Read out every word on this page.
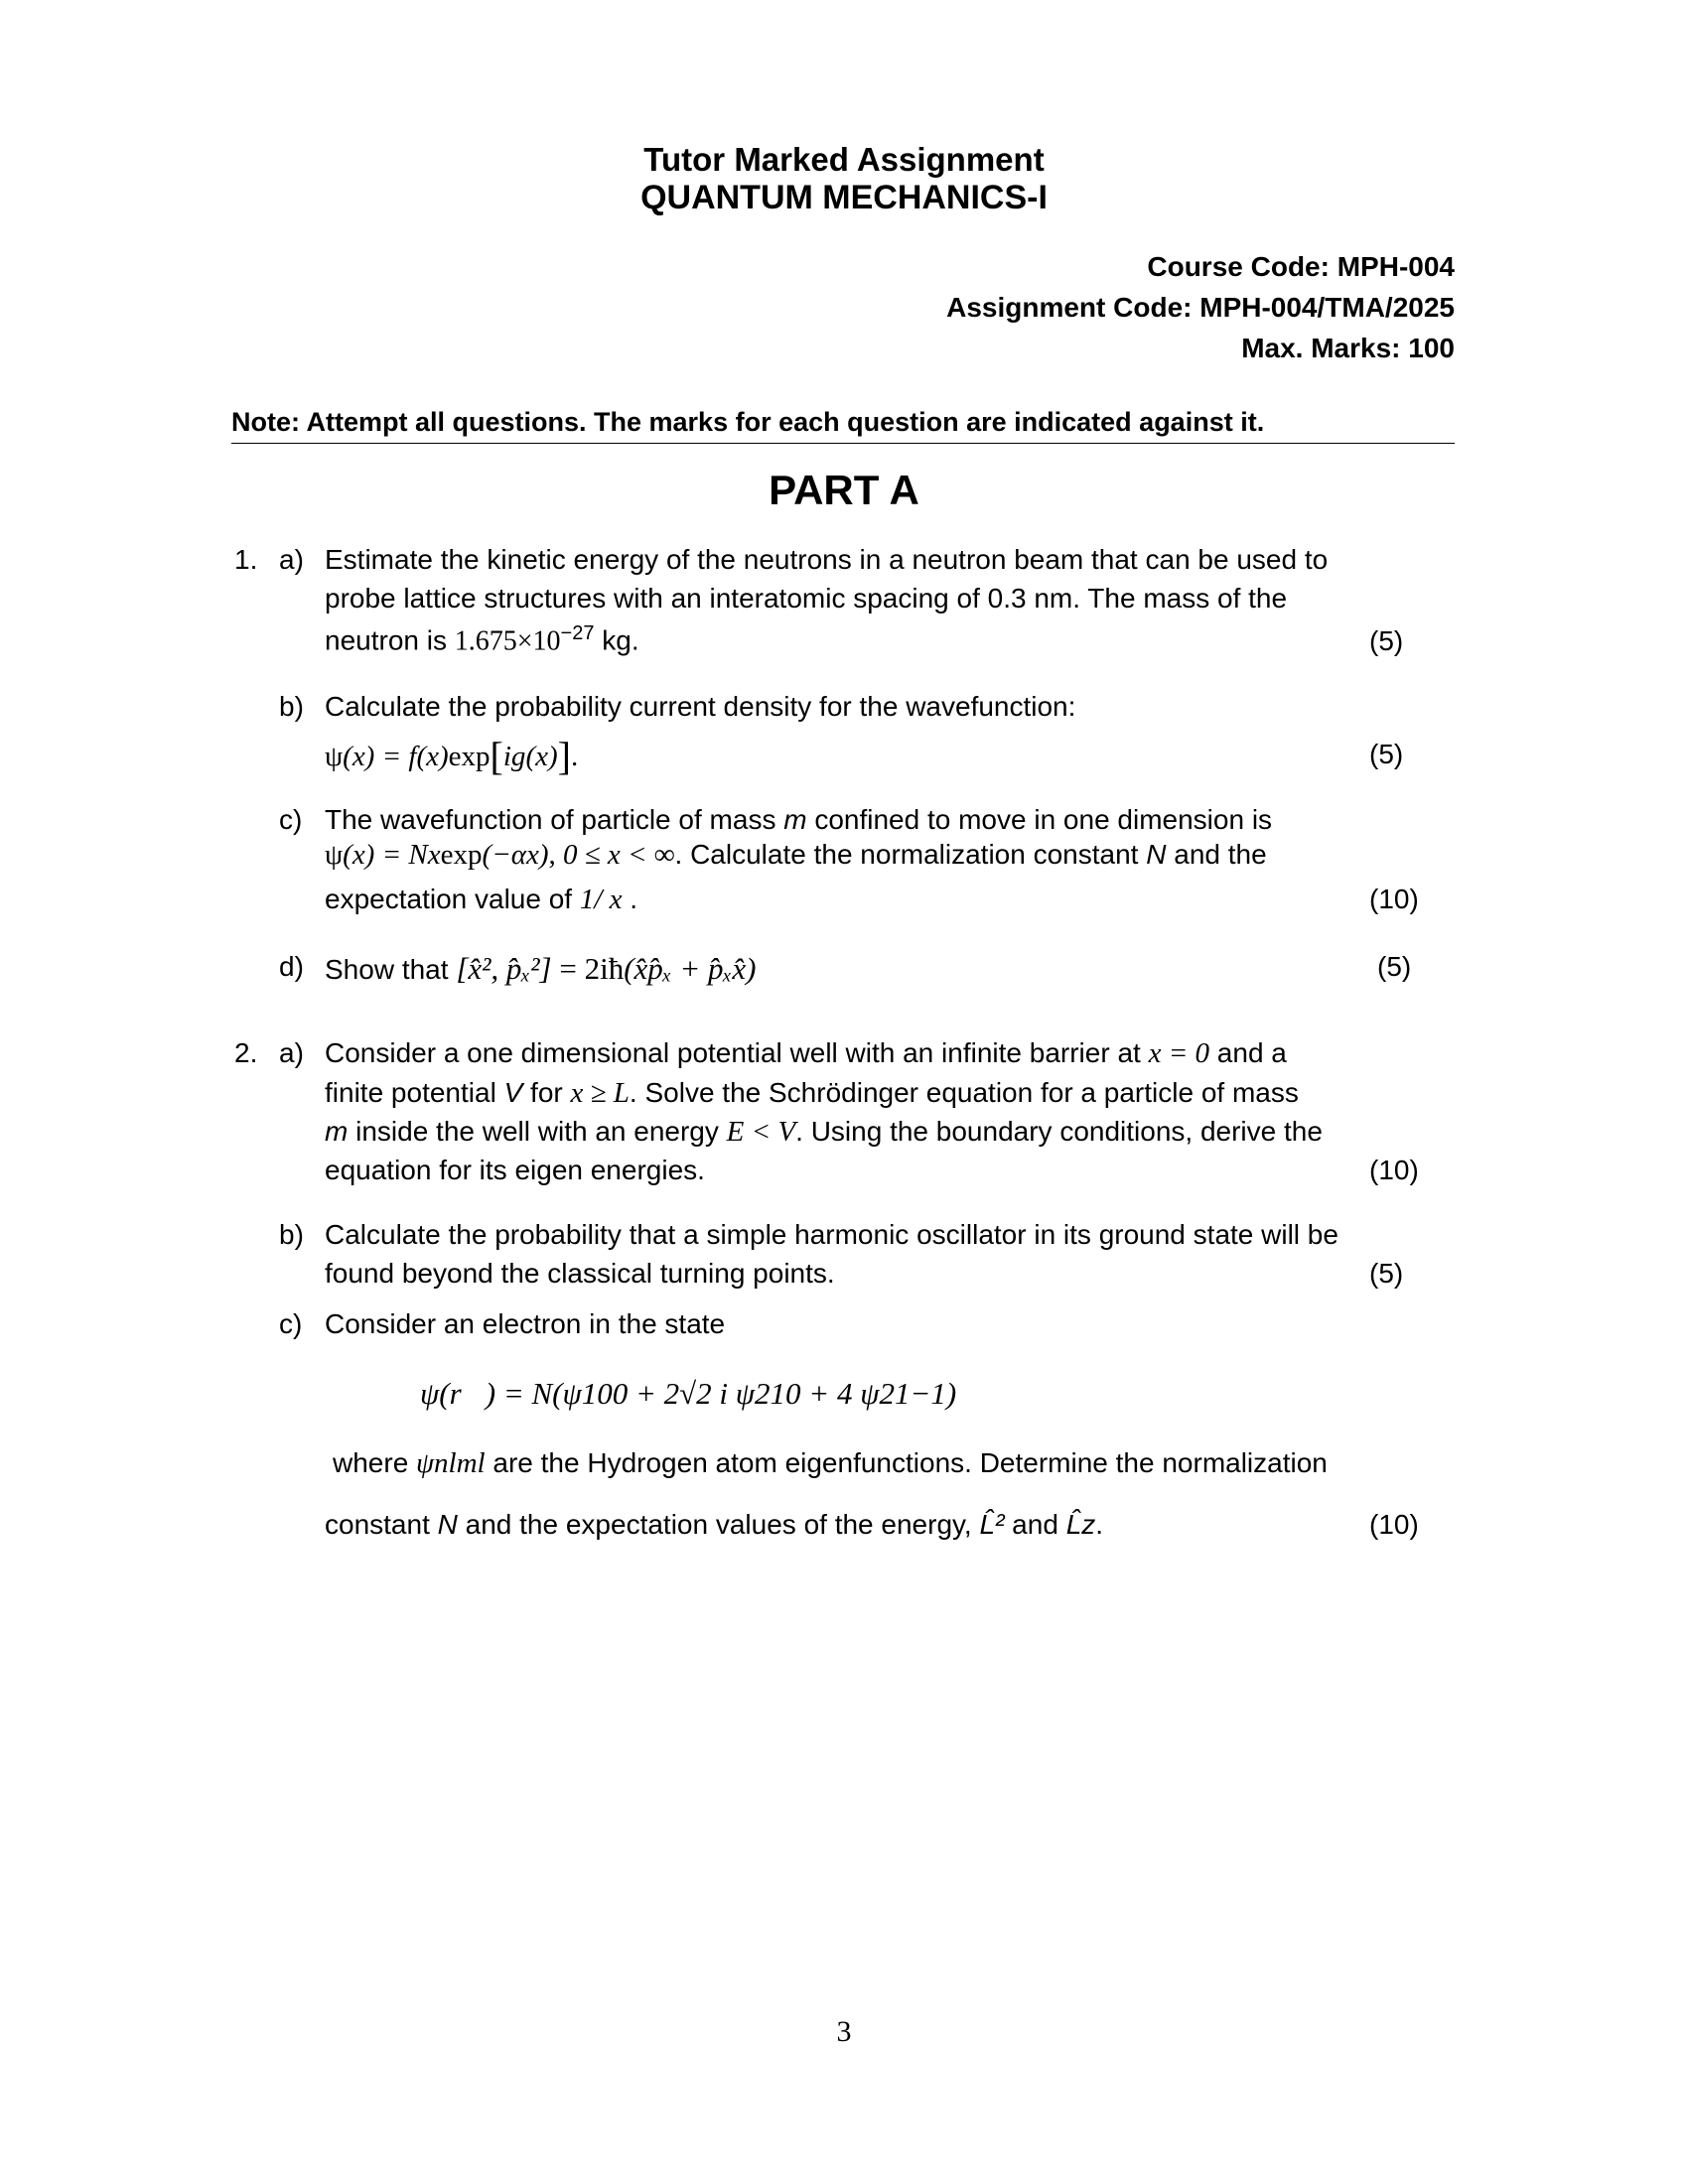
Tutor Marked Assignment
QUANTUM MECHANICS-I
Course Code: MPH-004
Assignment Code: MPH-004/TMA/2025
Max. Marks: 100
Note: Attempt all questions. The marks for each question are indicated against it.
PART A
1. a) Estimate the kinetic energy of the neutrons in a neutron beam that can be used to
probe lattice structures with an interatomic spacing of 0.3 nm. The mass of the
neutron is $1.675\times 10^{-27}$ kg.	(5)
b) Calculate the probability current density for the wavefunction:
ψ(x) = f(x)exp[ig(x)].	(5)
c) The wavefunction of particle of mass m confined to move in one dimension is
ψ(x) = Nxexp(−αx), 0 ≤ x < ∞. Calculate the normalization constant N and the
expectation value of 1/ x .	(10)
d) Show that [x̂², p̂ₓ²] = 2iħ(x̂p̂ₓ + p̂ₓx̂)	(5)
2. a) Consider a one dimensional potential well with an infinite barrier at x = 0 and a
finite potential V for x ≥ L. Solve the Schrödinger equation for a particle of mass
m inside the well with an energy E < V. Using the boundary conditions, derive the
equation for its eigen energies.	(10)
b) Calculate the probability that a simple harmonic oscillator in its ground state will be
found beyond the classical turning points.	(5)
c) Consider an electron in the state
ψ(r⃗) = N(ψ100 + 2√2 i ψ210 + 4 ψ21−1)
where ψnlml are the Hydrogen atom eigenfunctions. Determine the normalization
constant N and the expectation values of the energy, L̂² and L̂z.	(10)
3
